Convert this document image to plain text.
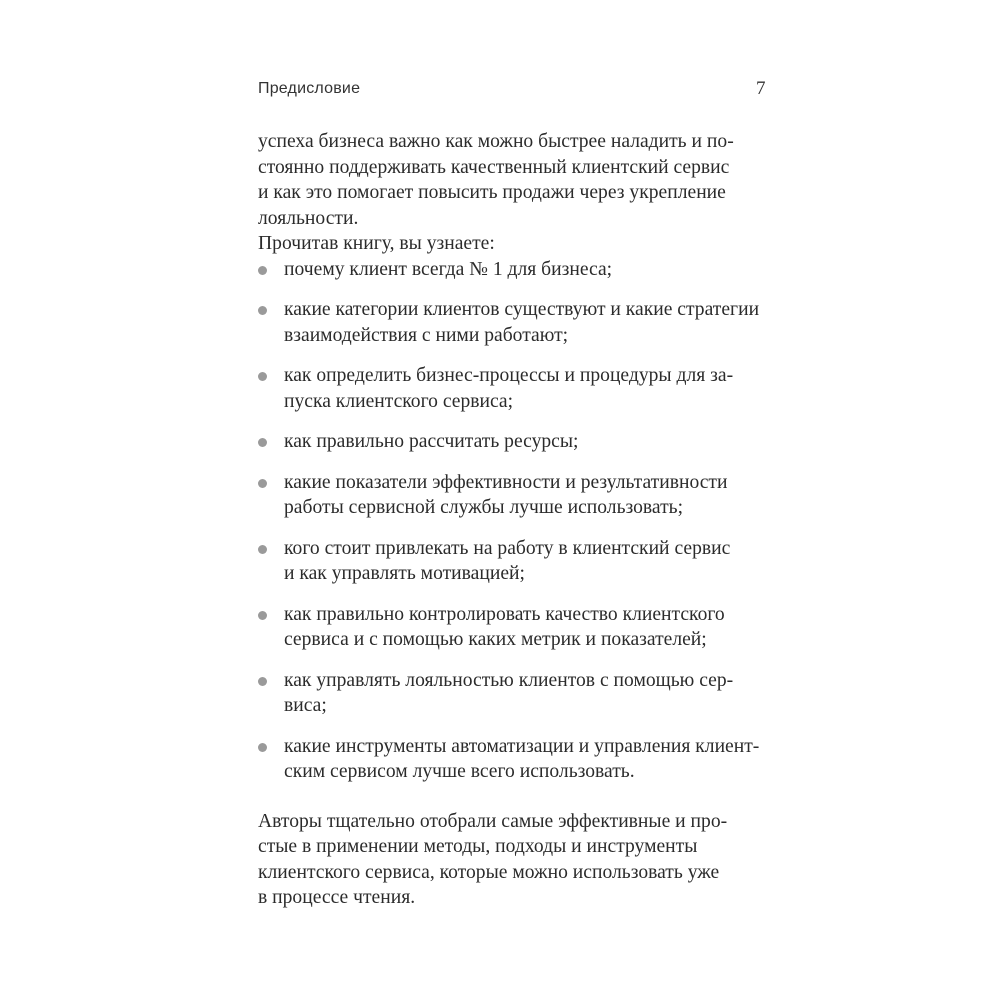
Предисловие	7

успеха бизнеса важно как можно быстрее наладить и по-
стоянно поддерживать качественный клиентский сервис
и как это помогает повысить продажи через укрепление
лояльности.

Прочитав книгу, вы узнаете:

почему клиент всегда № 1 для бизнеса;
какие категории клиентов существуют и какие стратегии
взаимодействия с ними работают;
как определить бизнес-процессы и процедуры для за-
пуска клиентского сервиса;
как правильно рассчитать ресурсы;
какие показатели эффективности и результативности
работы сервисной службы лучше использовать;
кого стоит привлекать на работу в клиентский сервис
и как управлять мотивацией;
как правильно контролировать качество клиентского
сервиса и с помощью каких метрик и показателей;
как управлять лояльностью клиентов с помощью сер-
виса;
какие инструменты автоматизации и управления клиент-
ским сервисом лучше всего использовать.

Авторы тщательно отобрали самые эффективные и про-
стые в применении методы, подходы и инструменты
клиентского сервиса, которые можно использовать уже
в процессе чтения.
